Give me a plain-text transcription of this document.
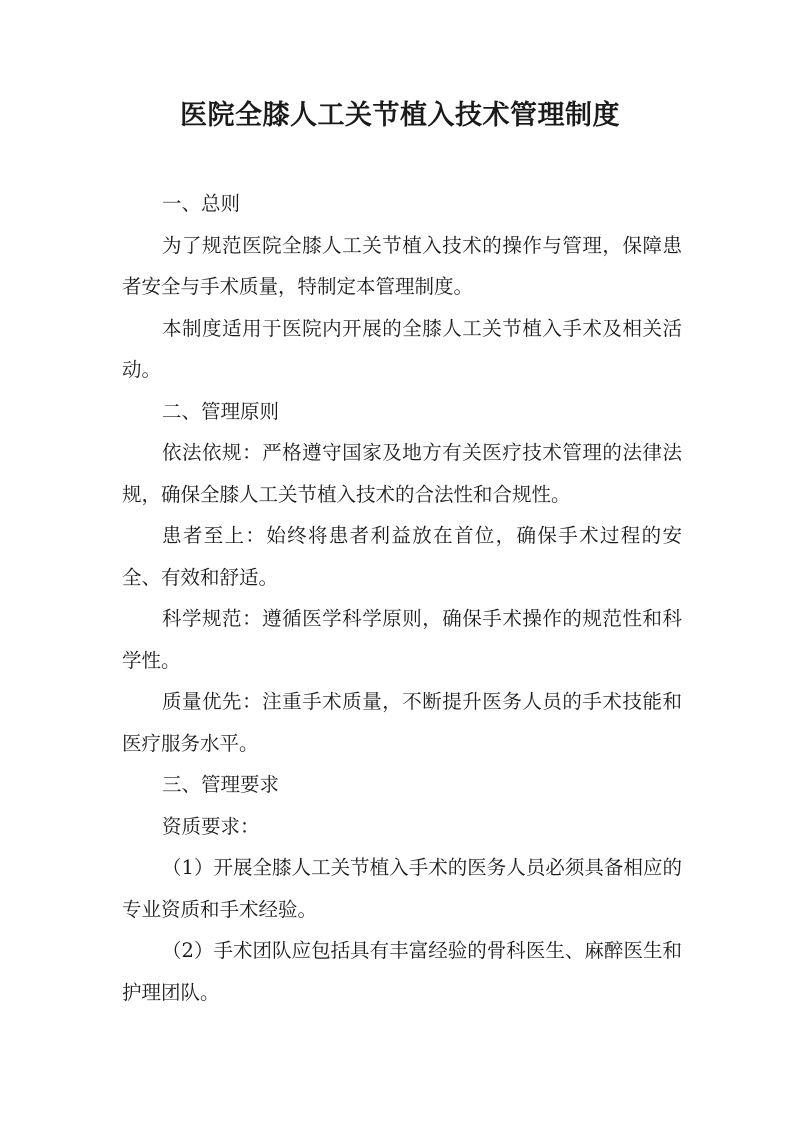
医院全膝人工关节植入技术管理制度

一、总则

为了规范医院全膝人工关节植入技术的操作与管理，保障患者安全与手术质量，特制定本管理制度。

本制度适用于医院内开展的全膝人工关节植入手术及相关活动。

二、管理原则

依法依规：严格遵守国家及地方有关医疗技术管理的法律法规，确保全膝人工关节植入技术的合法性和合规性。

患者至上：始终将患者利益放在首位，确保手术过程的安全、有效和舒适。

科学规范：遵循医学科学原则，确保手术操作的规范性和科学性。

质量优先：注重手术质量，不断提升医务人员的手术技能和医疗服务水平。

三、管理要求

资质要求：

（1）开展全膝人工关节植入手术的医务人员必须具备相应的专业资质和手术经验。

（2）手术团队应包括具有丰富经验的骨科医生、麻醉医生和护理团队。
